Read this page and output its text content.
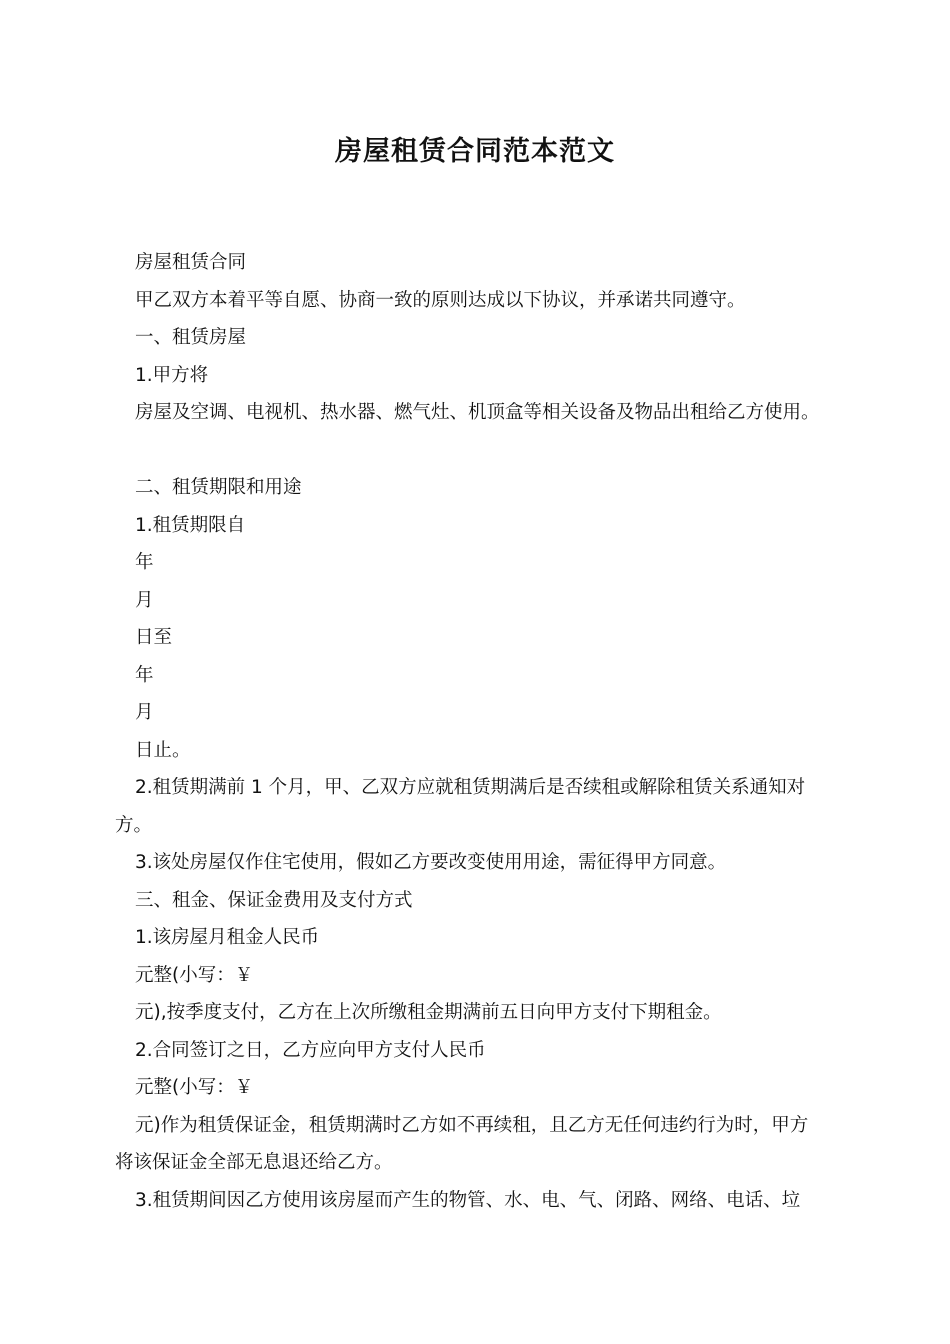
房屋租赁合同范本范文

房屋租赁合同

甲乙双方本着平等自愿、协商一致的原则达成以下协议，并承诺共同遵守。

一、租赁房屋

1.甲方将

房屋及空调、电视机、热水器、燃气灶、机顶盒等相关设备及物品出租给乙方使用。

二、租赁期限和用途

1.租赁期限自

年

月

日至

年

月

日止。

2.租赁期满前 1 个月，甲、乙双方应就租赁期满后是否续租或解除租赁关系通知对

方。

3.该处房屋仅作住宅使用，假如乙方要改变使用用途，需征得甲方同意。

三、租金、保证金费用及支付方式

1.该房屋月租金人民币

元整(小写：￥

元),按季度支付，乙方在上次所缴租金期满前五日向甲方支付下期租金。

2.合同签订之日，乙方应向甲方支付人民币

元整(小写：￥

元)作为租赁保证金，租赁期满时乙方如不再续租，且乙方无任何违约行为时，甲方

将该保证金全部无息退还给乙方。

3.租赁期间因乙方使用该房屋而产生的物管、水、电、气、闭路、网络、电话、垃
